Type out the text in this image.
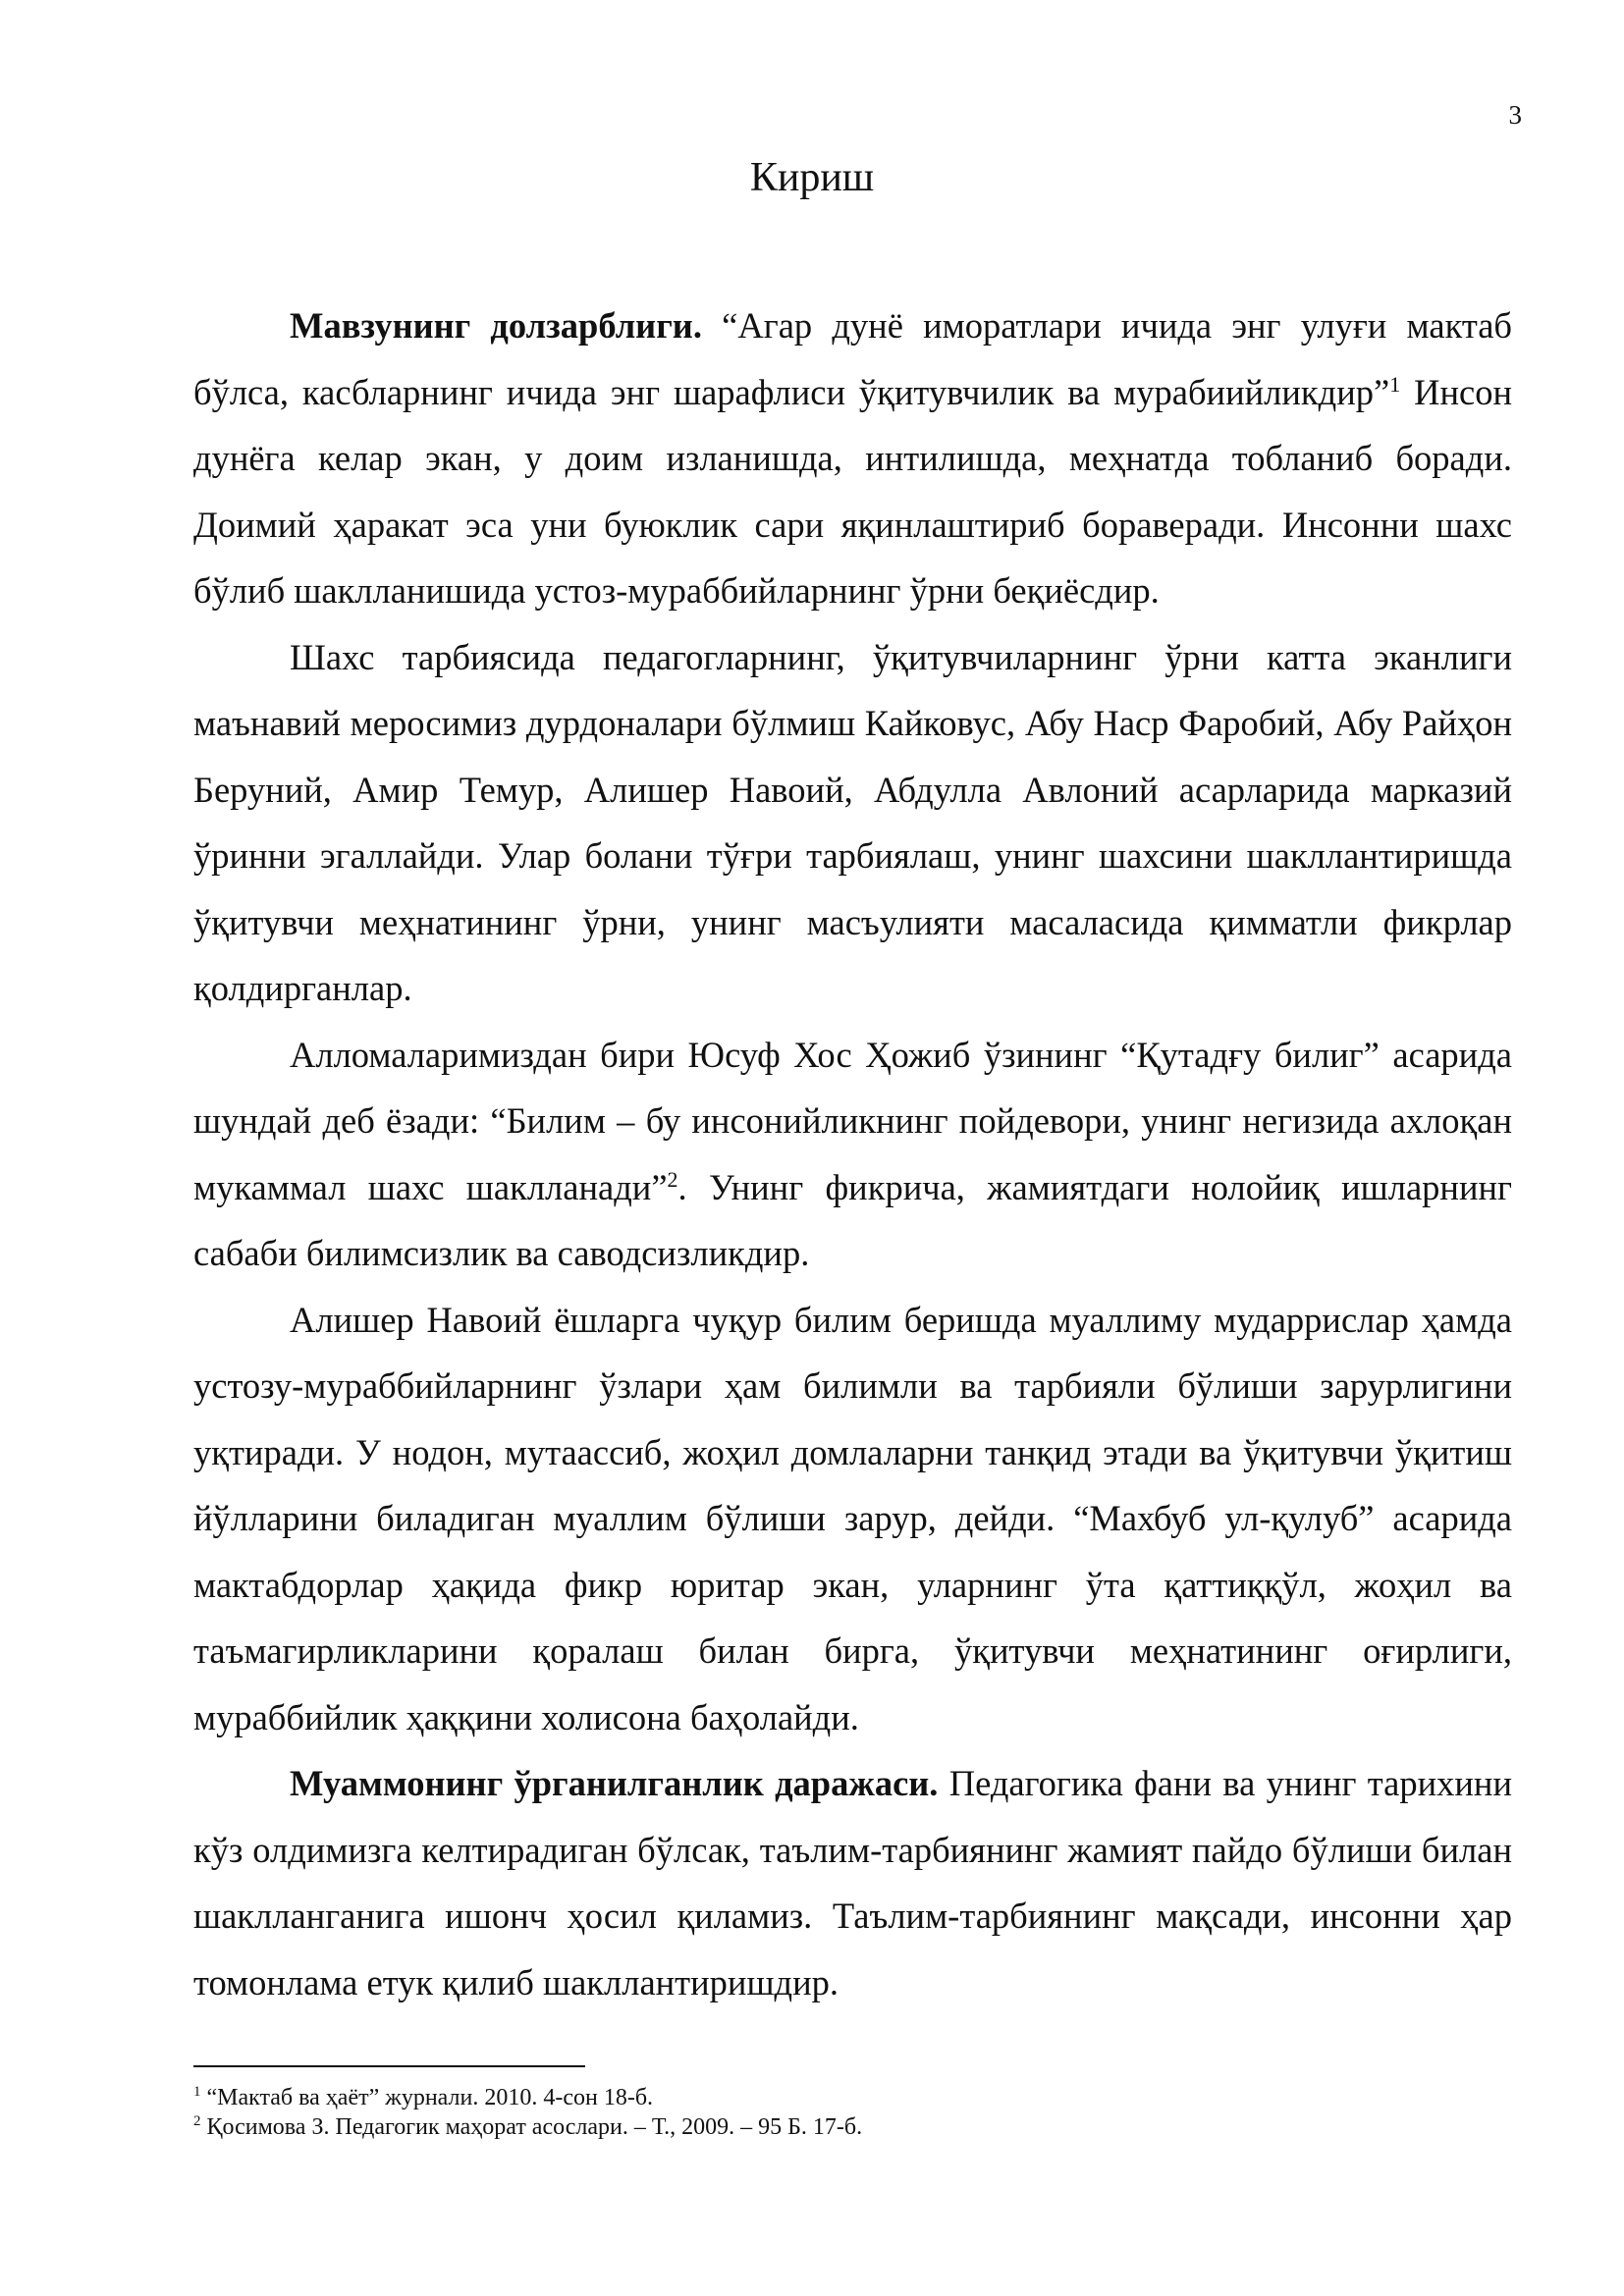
3
Кириш

Мавзунинг долзарблиги. “Агар дунё иморатлари ичида энг улуғи мактаб бўлса, касбларнинг ичида энг шарафлиси ўқитувчилик ва мурабиийликдир”$^1$ Инсон дунёга келар экан, у доим изланишда, интилишда, меҳнатда тобланиб боради. Доимий ҳаракат эса уни буюклик сари яқинлаштириб бораверади. Инсонни шахс бўлиб шаклланишида устоз-мураббийларнинг ўрни беқиёсдир.

Шахс тарбиясида педагогларнинг, ўқитувчиларнинг ўрни катта эканлиги маънавий меросимиз дурдоналари бўлмиш Кайковус, Абу Наср Фаробий, Абу Райҳон Беруний, Амир Темур, Алишер Навоий, Абдулла Авлоний асарларида марказий ўринни эгаллайди. Улар болани тўғри тарбиялаш, унинг шахсини шакллантиришда ўқитувчи меҳнатининг ўрни, унинг масъулияти масаласида қимматли фикрлар қолдирганлар.

Алломаларимиздан бири Юсуф Хос Ҳожиб ўзининг “Қутадғу билиг” асарида шундай деб ёзади: “Билим – бу инсонийликнинг пойдевори, унинг негизида ахлоқан мукаммал шахс шаклланади”$^2$. Унинг фикрича, жамиятдаги нолойиқ ишларнинг сабаби билимсизлик ва саводсизликдир.

Алишер Навоий ёшларга чуқур билим беришда муаллиму мударрислар ҳамда устозу-мураббийларнинг ўзлари ҳам билимли ва тарбияли бўлиши зарурлигини уқтиради. У нодон, мутаассиб, жоҳил домлаларни танқид этади ва ўқитувчи ўқитиш йўлларини биладиган муаллим бўлиши зарур, дейди. “Махбуб ул-қулуб” асарида мактабдорлар ҳақида фикр юритар экан, уларнинг ўта қаттиққўл, жоҳил ва таъмагирликларини қоралаш билан бирга, ўқитувчи меҳнатининг оғирлиги, мураббийлик ҳаққини холисона баҳолайди.

Муаммонинг ўрганилганлик даражаси. Педагогика фани ва унинг тарихини кўз олдимизга келтирадиган бўлсак, таълим-тарбиянинг жамият пайдо бўлиши билан шаклланганига ишонч ҳосил қиламиз. Таълим-тарбиянинг мақсади, инсонни ҳар томонлама етук қилиб шакллантиришдир.

$^1$ “Мактаб ва ҳаёт” журнали. 2010. 4-сон 18-б.

$^2$ Қосимова З. Педагогик маҳорат асослари. – Т., 2009. – 95 Б. 17-б.
